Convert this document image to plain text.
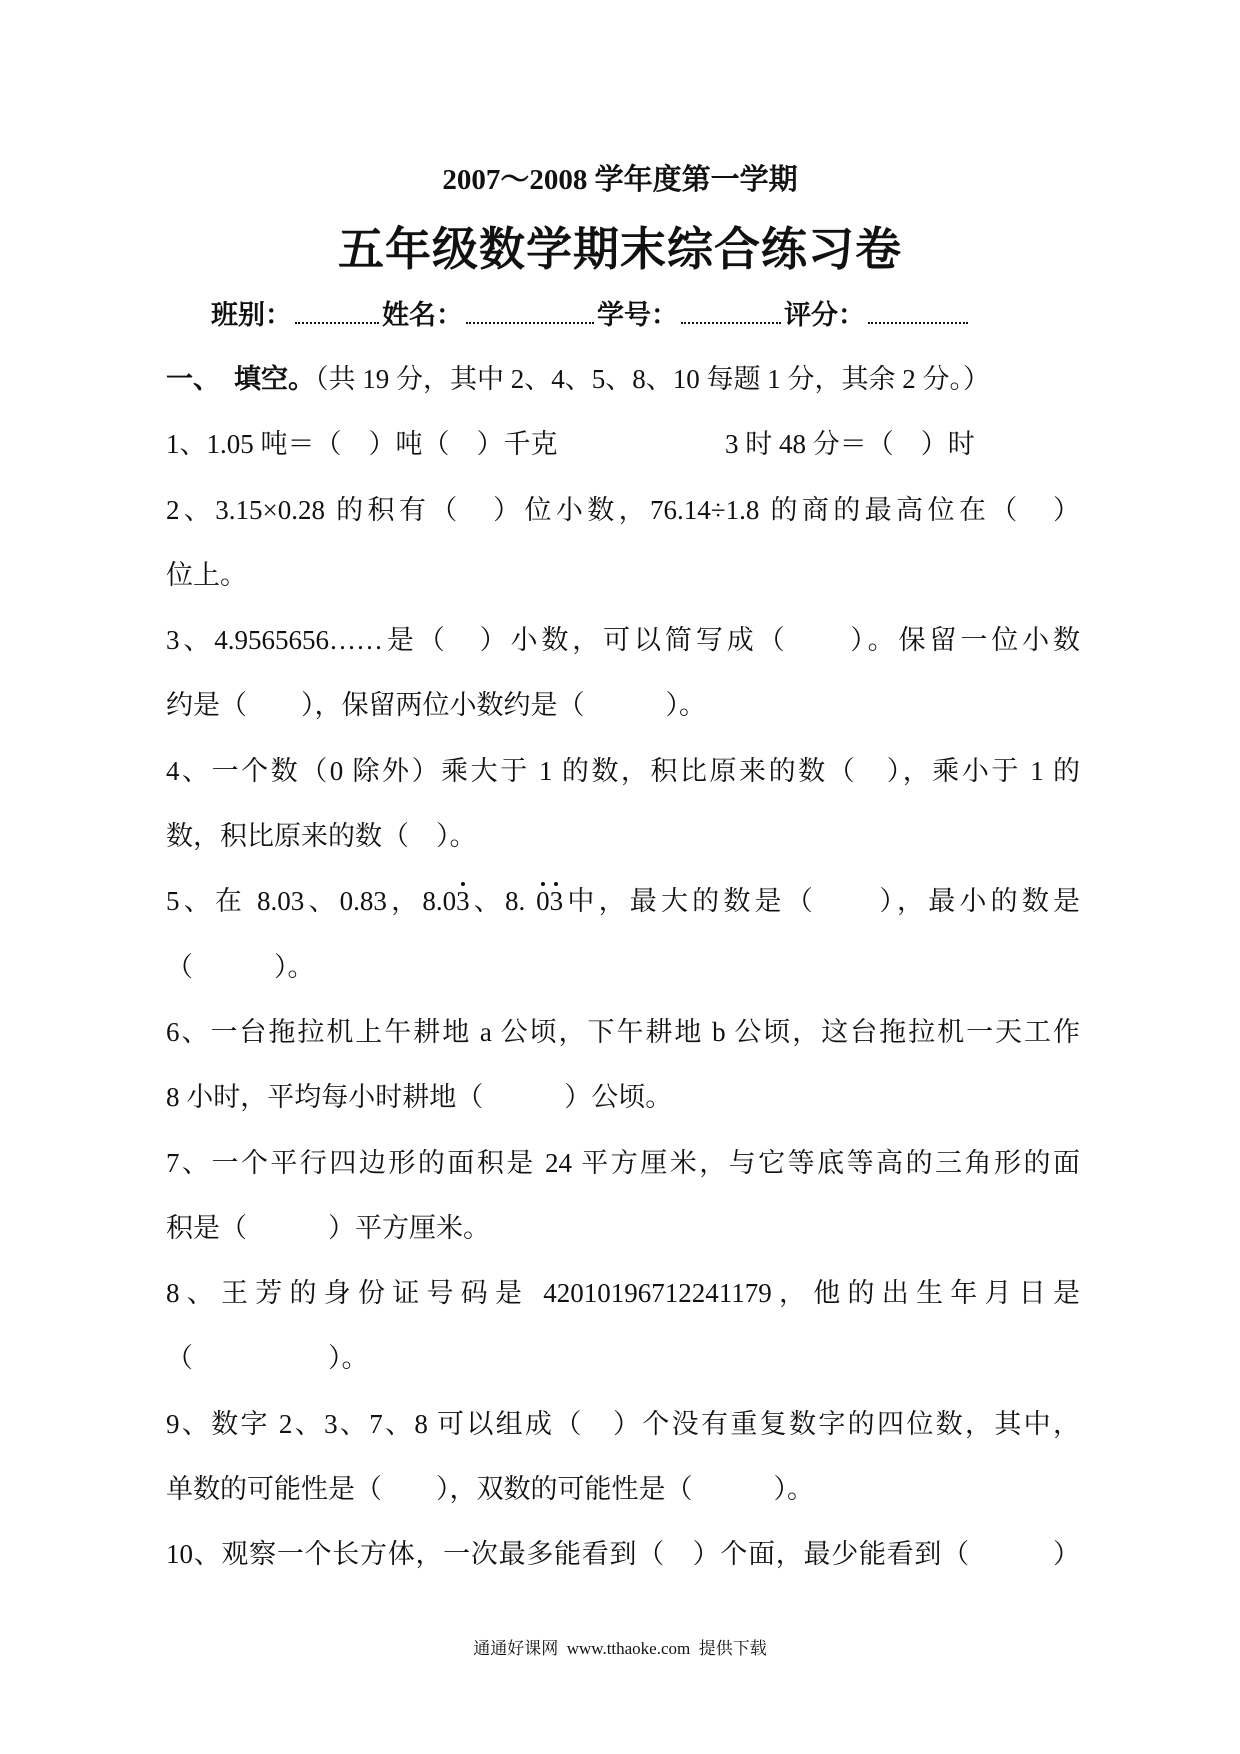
2007～2008 学年度第一学期
五年级数学期末综合练习卷
班别：	姓名：	学号：	评分：
一、 填空。（共 19 分，其中 2、4、5、8、10 每题 1 分，其余 2 分。）
1、1.05 吨＝（　）吨（　）千克	3 时 48 分＝（　）时
2、3.15×0.28 的积有（　）位小数，76.14÷1.8 的商的最高位在（　）
位上。
3、4.9565656……是（　）小数，可以简写成（　　）。保留一位小数
约是（　　），保留两位小数约是（　　　）。
4、一个数（0 除外）乘大于 1 的数，积比原来的数（　），乘小于 1 的
数，积比原来的数（　）。
5、在 8.03、0.83，8.03、8. 03中，最大的数是（　　），最小的数是
（　　　）。
6、一台拖拉机上午耕地 a 公顷，下午耕地 b 公顷，这台拖拉机一天工作
8 小时，平均每小时耕地（　　　）公顷。
7、一个平行四边形的面积是 24 平方厘米，与它等底等高的三角形的面
积是（　　　）平方厘米。
8、王芳的身份证号码是 42010196712241179，他的出生年月日是
（　　　　　）。
9、数字 2、3、7、8 可以组成（　）个没有重复数字的四位数，其中，
单数的可能性是（　　），双数的可能性是（　　　）。
10、观察一个长方体，一次最多能看到（　）个面，最少能看到（　　　）
通通好课网  www.tthaoke.com  提供下载
